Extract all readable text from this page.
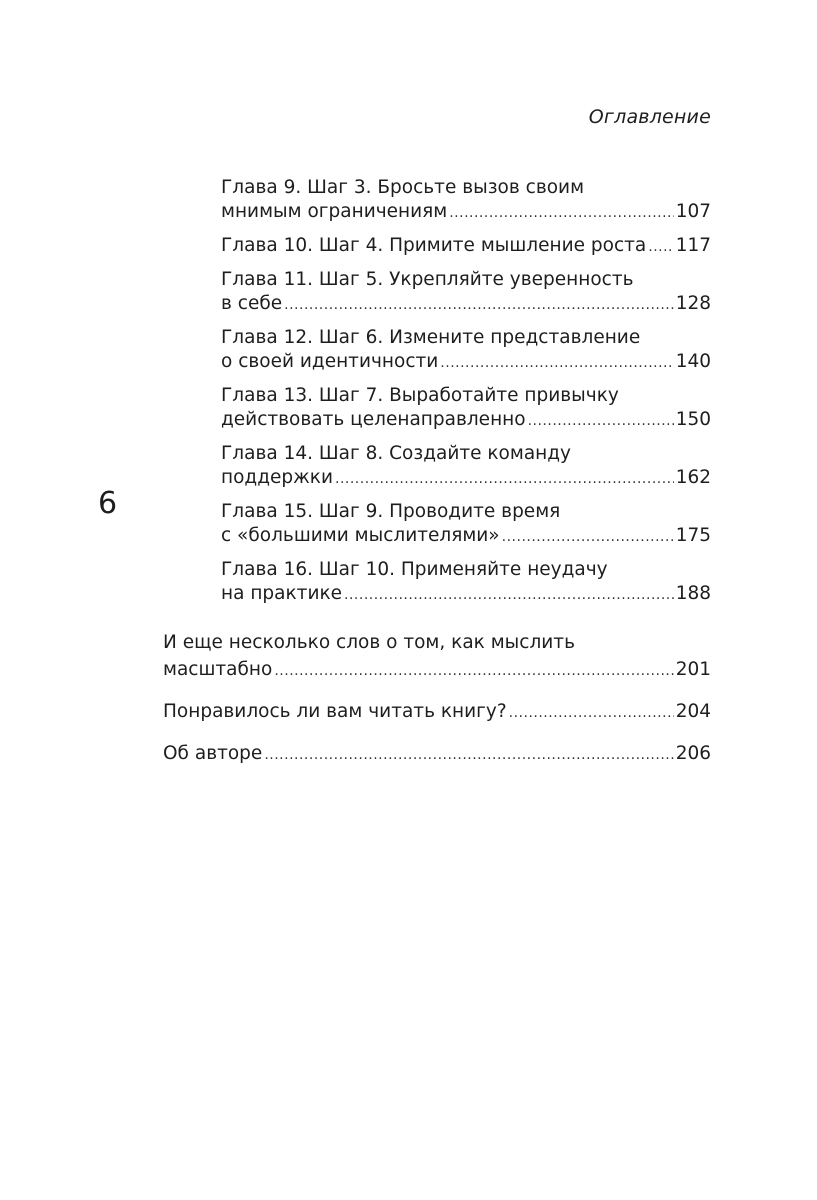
Оглавление
6
Глава 9. Шаг 3. Бросьте вызов своим
мнимым ограничениям .....	107
Глава 10. Шаг 4. Примите мышление роста ..... 117
Глава 11. Шаг 5. Укрепляйте уверенность
в себе .....	128
Глава 12. Шаг 6. Измените представление
о своей идентичности .....	140
Глава 13. Шаг 7. Выработайте привычку
действовать целенаправленно .....	150
Глава 14. Шаг 8. Создайте команду
поддержки .....	162
Глава 15. Шаг 9. Проводите время
с «большими мыслителями» .....	175
Глава 16. Шаг 10. Применяйте неудачу
на практике .....	188
И еще несколько слов о том, как мыслить
масштабно .....	201
Понравилось ли вам читать книгу? .....	204
Об авторе .....	206
